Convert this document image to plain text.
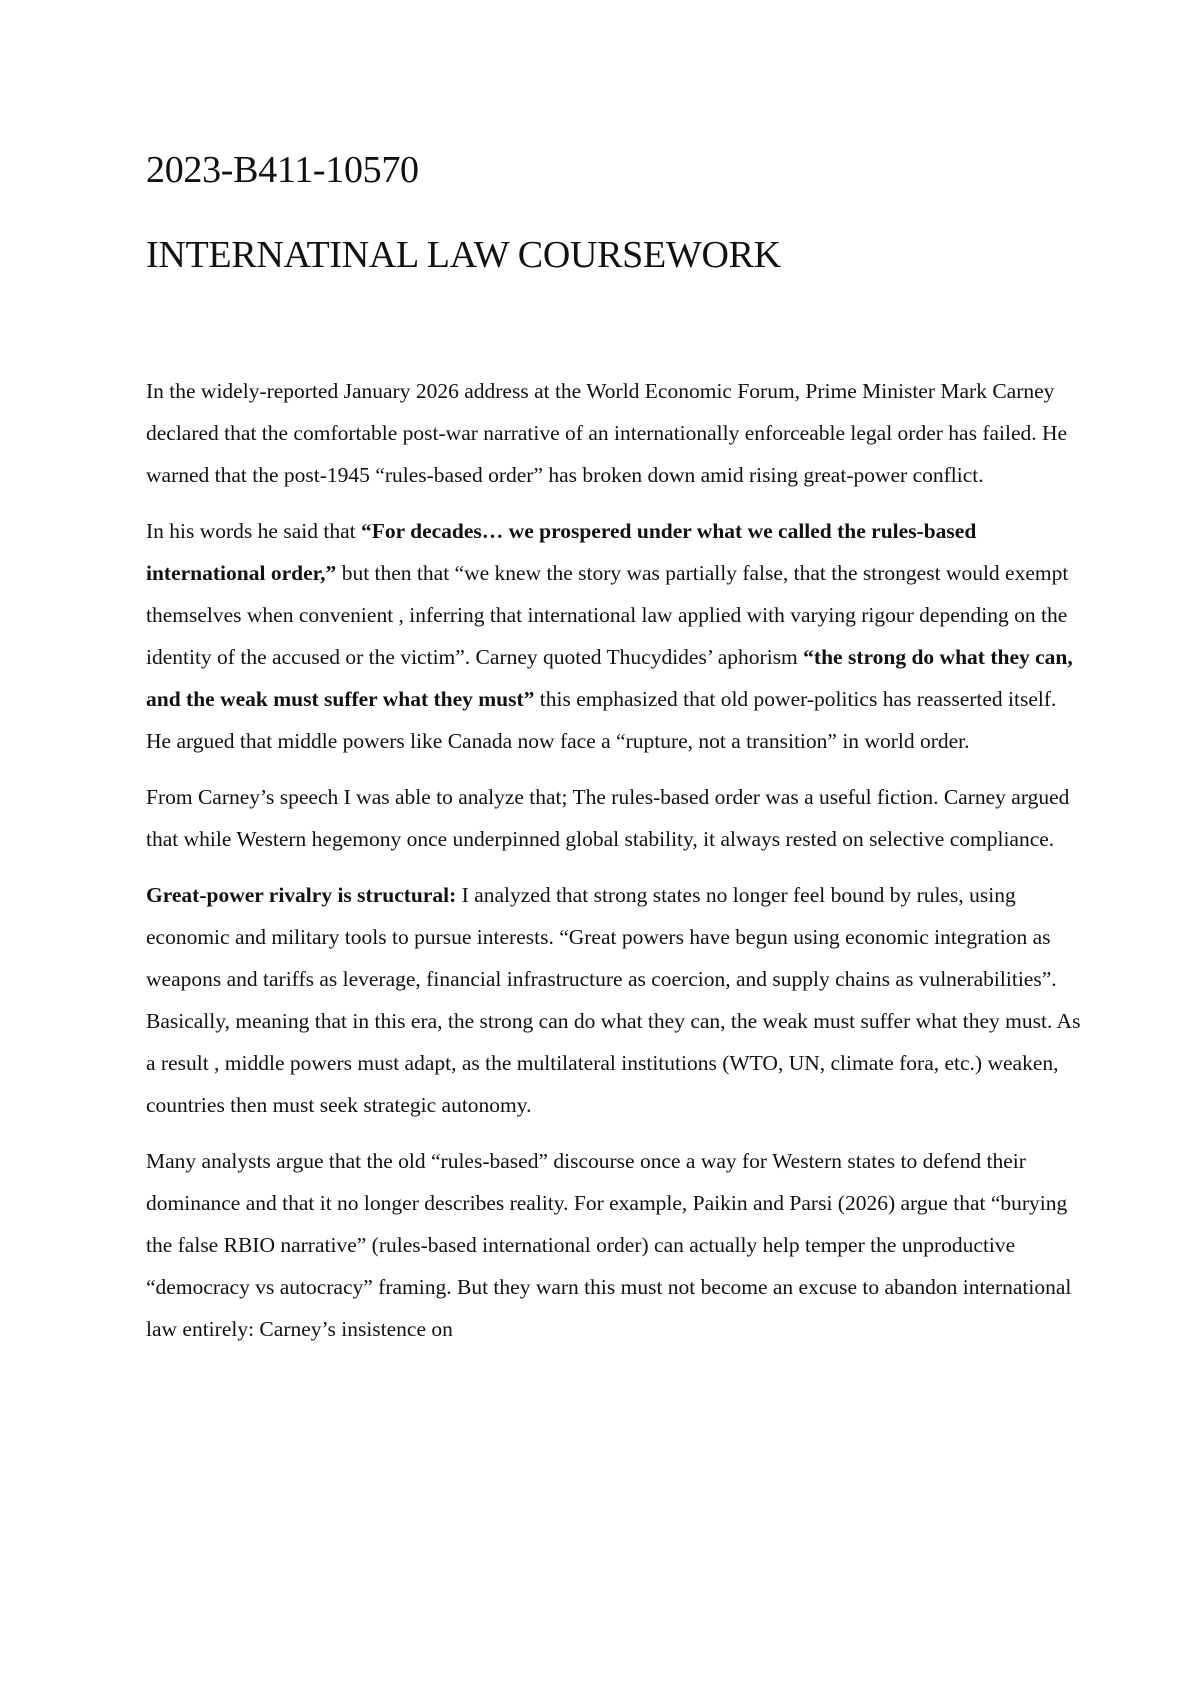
2023-B411-10570
INTERNATINAL LAW COURSEWORK

In the widely-reported January 2026 address at the World Economic Forum, Prime Minister Mark Carney declared that the comfortable post-war narrative of an internationally enforceable legal order has failed. He warned that the post-1945 “rules-based order” has broken down amid rising great-power conflict.

In his words he said that “For decades… we prospered under what we called the rules-based international order,” but then that “we knew the story was partially false, that the strongest would exempt themselves when convenient , inferring that international law applied with varying rigour depending on the identity of the accused or the victim”. Carney quoted Thucydides’ aphorism “the strong do what they can, and the weak must suffer what they must” this emphasized that old power-politics has reasserted itself. He argued that middle powers like Canada now face a “rupture, not a transition” in world order.

From Carney’s speech I was able to analyze that; The rules-based order was a useful fiction. Carney argued that while Western hegemony once underpinned global stability, it always rested on selective compliance.

Great-power rivalry is structural: I analyzed that strong states no longer feel bound by rules, using economic and military tools to pursue interests. “Great powers have begun using economic integration as weapons and tariffs as leverage, financial infrastructure as coercion, and supply chains as vulnerabilities”. Basically, meaning that in this era, the strong can do what they can, the weak must suffer what they must. As a result , middle powers must adapt, as the multilateral institutions (WTO, UN, climate fora, etc.) weaken, countries then must seek strategic autonomy.

Many analysts argue that the old “rules-based” discourse once a way for Western states to defend their dominance and that it no longer describes reality. For example, Paikin and Parsi (2026) argue that “burying the false RBIO narrative” (rules-based international order) can actually help temper the unproductive “democracy vs autocracy” framing. But they warn this must not become an excuse to abandon international law entirely: Carney’s insistence on
